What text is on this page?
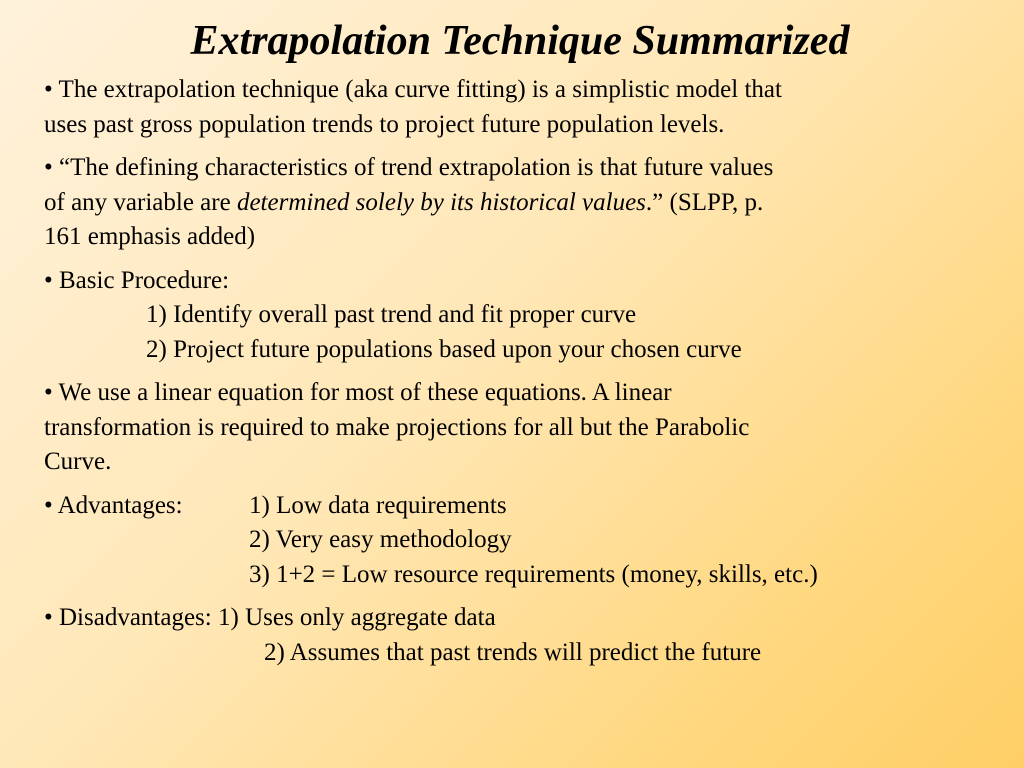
Extrapolation Technique Summarized
• The extrapolation technique (aka curve fitting) is a simplistic model that
uses past gross population trends to project future population levels.
• “The defining characteristics of trend extrapolation is that future values
of any variable are determined solely by its historical values.” (SLPP, p.
161 emphasis added)
• Basic Procedure:
1) Identify overall past trend and fit proper curve
2) Project future populations based upon your chosen curve
• We use a linear equation for most of these equations. A linear
transformation is required to make projections for all but the Parabolic
Curve.
• Advantages:	1) Low data requirements
2) Very easy methodology
3) 1+2 = Low resource requirements (money, skills, etc.)
• Disadvantages:
1) Uses only aggregate data
2) Assumes that past trends will predict the future
